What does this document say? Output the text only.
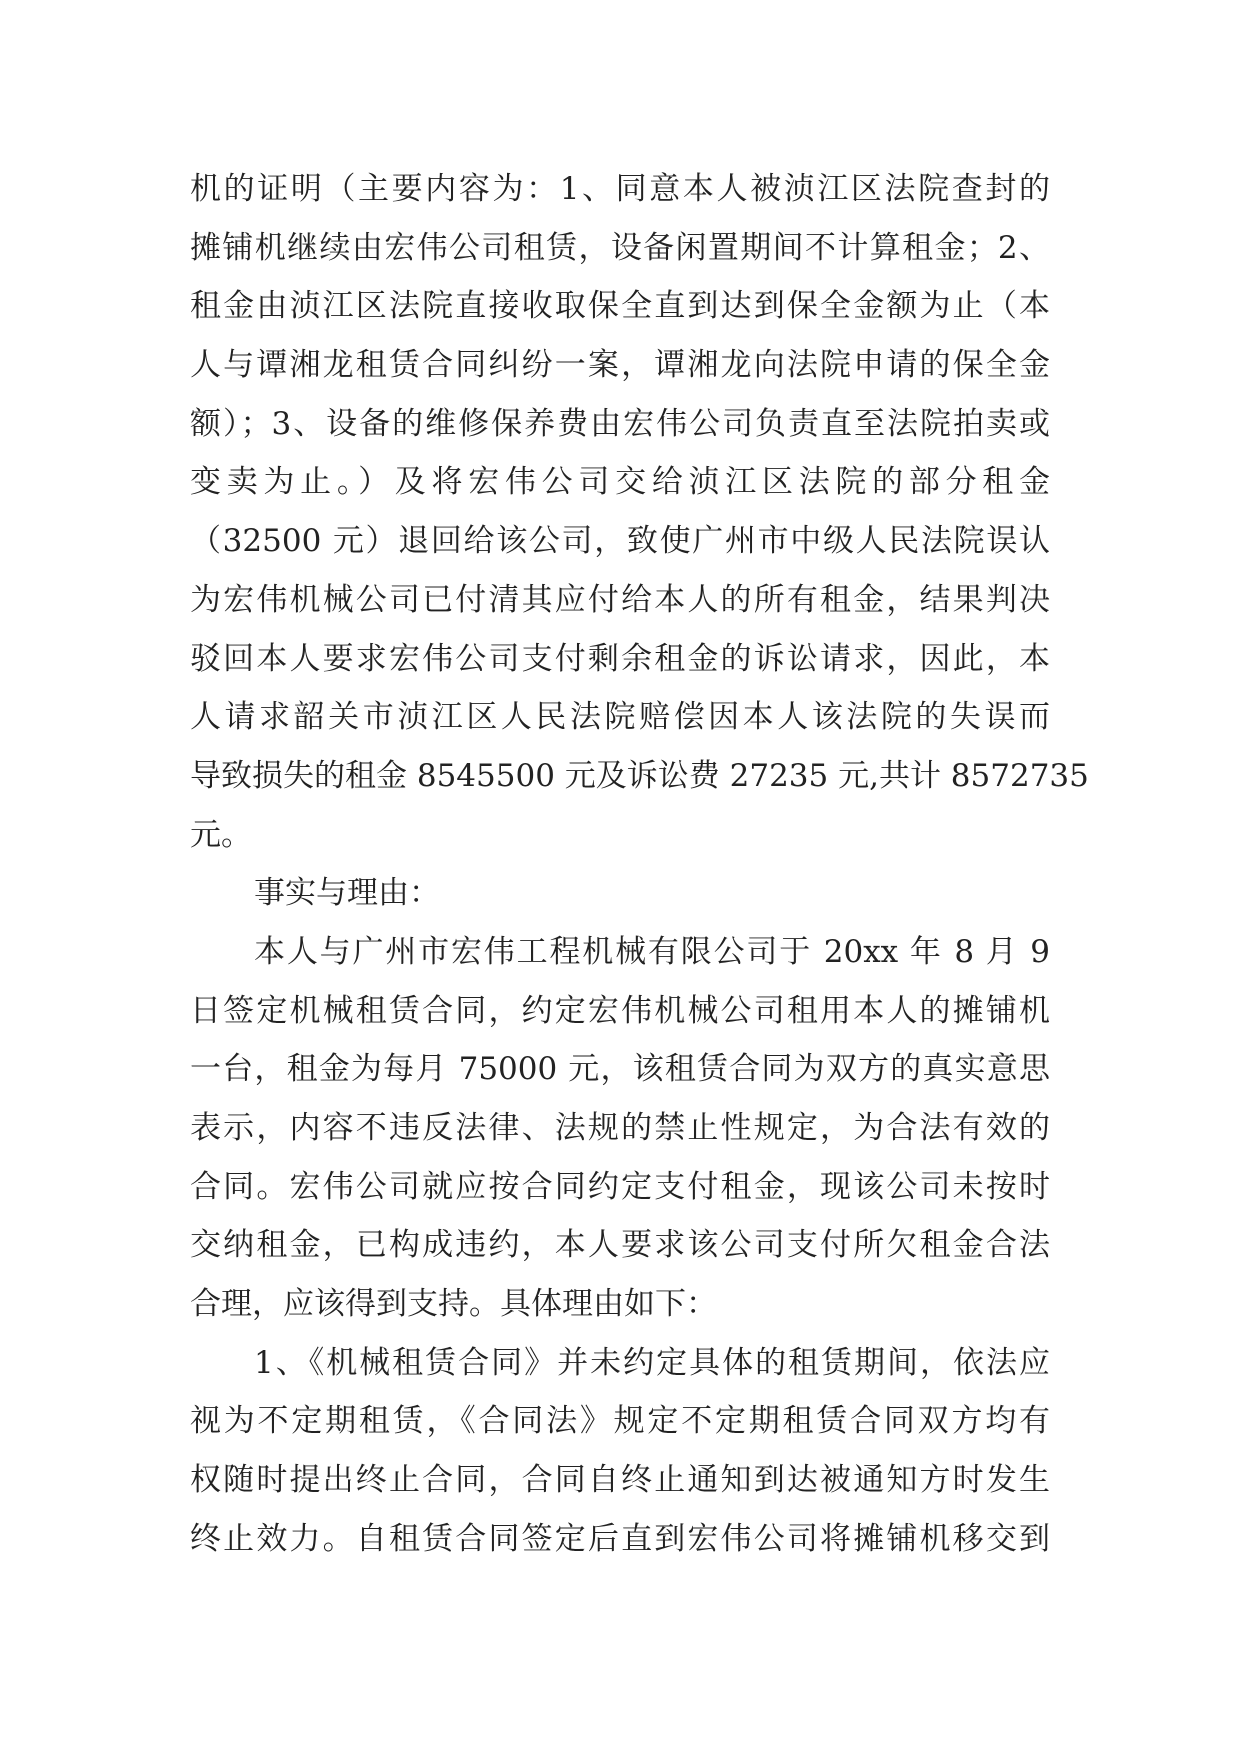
机的证明（主要内容为：1、同意本人被浈江区法院查封的
摊铺机继续由宏伟公司租赁，设备闲置期间不计算租金；2、
租金由浈江区法院直接收取保全直到达到保全金额为止（本
人与谭湘龙租赁合同纠纷一案，谭湘龙向法院申请的保全金
额）；3、设备的维修保养费由宏伟公司负责直至法院拍卖或
变卖为止。）及将宏伟公司交给浈江区法院的部分租金
（32500 元）退回给该公司，致使广州市中级人民法院误认
为宏伟机械公司已付清其应付给本人的所有租金，结果判决
驳回本人要求宏伟公司支付剩余租金的诉讼请求，因此，本
人请求韶关市浈江区人民法院赔偿因本人该法院的失误而
导致损失的租金 8545500 元及诉讼费 27235 元,共计 8572735
元。
事实与理由：
本人与广州市宏伟工程机械有限公司于 20xx 年 8 月 9
日签定机械租赁合同，约定宏伟机械公司租用本人的摊铺机
一台，租金为每月 75000 元，该租赁合同为双方的真实意思
表示，内容不违反法律、法规的禁止性规定，为合法有效的
合同。宏伟公司就应按合同约定支付租金，现该公司未按时
交纳租金，已构成违约，本人要求该公司支付所欠租金合法
合理，应该得到支持。具体理由如下：
1、《机械租赁合同》并未约定具体的租赁期间，依法应
视为不定期租赁，《合同法》规定不定期租赁合同双方均有
权随时提出终止合同，合同自终止通知到达被通知方时发生
终止效力。自租赁合同签定后直到宏伟公司将摊铺机移交到
